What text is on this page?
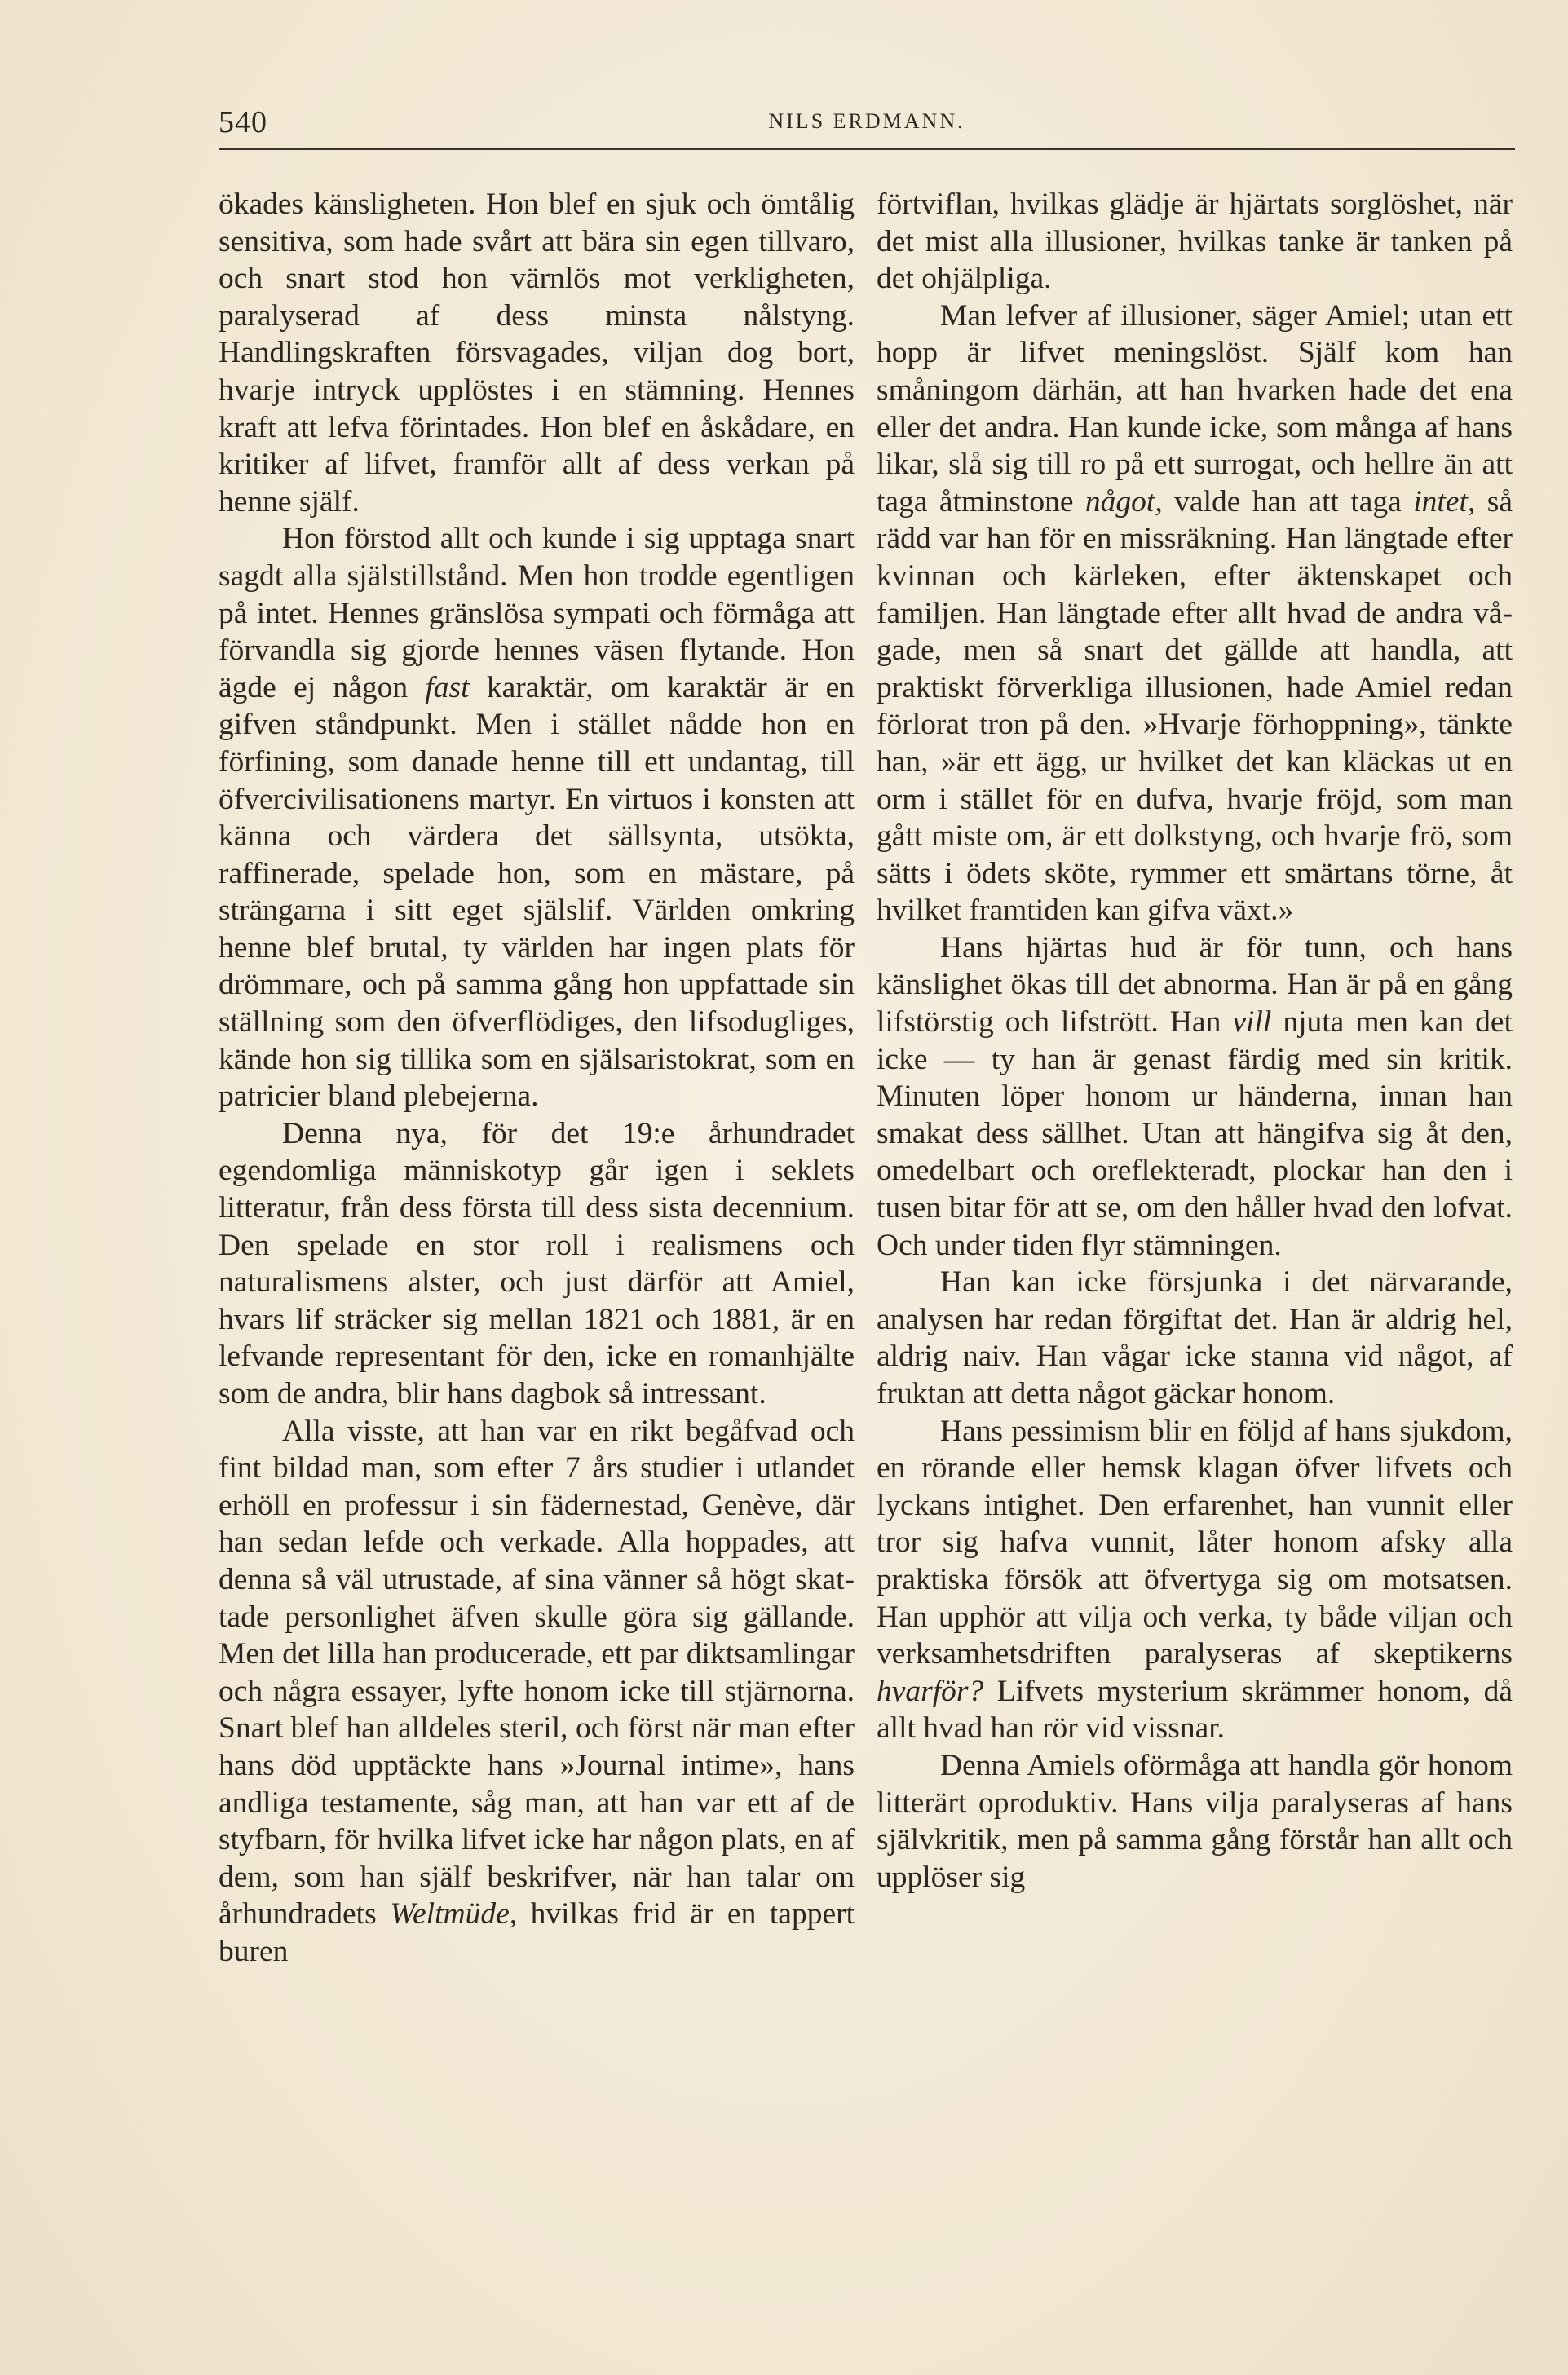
540	NILS ERDMANN.

ökades känsligheten. Hon blef en sjuk och ömtålig sensitiva, som hade svårt att bära sin egen tillvaro, och snart stod hon värnlös mot verkligheten, paralyserad af dess minsta nålstyng. Handlingskraften försvagades, viljan dog bort, hvarje intryck upplöstes i en stämning. Hennes kraft att lefva förintades. Hon blef en åskådare, en kritiker af lifvet, framför allt af dess verkan på henne själf.

Hon förstod allt och kunde i sig upptaga snart sagdt alla själstillstånd. Men hon trodde egentligen på intet. Hennes gränslösa sympati och förmåga att förvandla sig gjorde hennes väsen flytande. Hon ägde ej någon fast karaktär, om karaktär är en gifven ståndpunkt. Men i stället nådde hon en förfining, som danade henne till ett undantag, till öfvercivilisationens martyr. En virtuos i konsten att känna och värdera det sällsynta, utsökta, raffinerade, spelade hon, som en mästare, på strängarna i sitt eget själslif. Världen omkring henne blef brutal, ty världen har ingen plats för drömmare, och på samma gång hon uppfattade sin ställning som den öfverflödiges, den lifsodugliges, kände hon sig tillika som en själsaristokrat, som en patricier bland plebejerna.

Denna nya, för det 19:e århundradet egendomliga människotyp går igen i seklets litteratur, från dess första till dess sista decennium. Den spelade en stor roll i realismens och naturalismens alster, och just därför att Amiel, hvars lif sträcker sig mellan 1821 och 1881, är en lefvande representant för den, icke en romanhjälte som de andra, blir hans dagbok så intressant.

Alla visste, att han var en rikt begåfvad och fint bildad man, som efter 7 års studier i utlandet erhöll en professur i sin fädernestad, Genève, där han sedan lefde och verkade. Alla hoppades, att denna så väl utrustade, af sina vänner så högt skattade personlighet äfven skulle göra sig gällande. Men det lilla han producerade, ett par diktsamlingar och några essayer, lyfte honom icke till stjärnorna. Snart blef han alldeles steril, och först när man efter hans död upptäckte hans »Journal intime», hans andliga testamente, såg man, att han var ett af de styfbarn, för hvilka lifvet icke har någon plats, en af dem, som han själf beskrifver, när han talar om århundradets Weltmüde, hvilkas frid är en tappert buren

förtviflan, hvilkas glädje är hjärtats sorglöshet, när det mist alla illusioner, hvilkas tanke är tanken på det ohjälpliga.

Man lefver af illusioner, säger Amiel; utan ett hopp är lifvet meningslöst. Själf kom han småningom därhän, att han hvarken hade det ena eller det andra. Han kunde icke, som många af hans likar, slå sig till ro på ett surrogat, och hellre än att taga åtminstone något, valde han att taga intet, så rädd var han för en missräkning. Han längtade efter kvinnan och kärleken, efter äktenskapet och familjen. Han längtade efter allt hvad de andra vågade, men så snart det gällde att handla, att praktiskt förverkliga illusionen, hade Amiel redan förlorat tron på den. »Hvarje förhoppning», tänkte han, »är ett ägg, ur hvilket det kan kläckas ut en orm i stället för en dufva, hvarje fröjd, som man gått miste om, är ett dolkstyng, och hvarje frö, som sätts i ödets sköte, rymmer ett smärtans törne, åt hvilket framtiden kan gifva växt.»

Hans hjärtas hud är för tunn, och hans känslighet ökas till det abnorma. Han är på en gång lifstörstig och lifstrött. Han vill njuta men kan det icke — ty han är genast färdig med sin kritik. Minuten löper honom ur händerna, innan han smakat dess sällhet. Utan att hängifva sig åt den, omedelbart och oreflekteradt, plockar han den i tusen bitar för att se, om den håller hvad den lofvat. Och under tiden flyr stämningen.

Han kan icke försjunka i det närvarande, analysen har redan förgiftat det. Han är aldrig hel, aldrig naiv. Han vågar icke stanna vid något, af fruktan att detta något gäckar honom.

Hans pessimism blir en följd af hans sjukdom, en rörande eller hemsk klagan öfver lifvets och lyckans intighet. Den erfarenhet, han vunnit eller tror sig hafva vunnit, låter honom afsky alla praktiska försök att öfvertyga sig om motsatsen. Han upphör att vilja och verka, ty både viljan och verksamhetsdriften paralyseras af skeptikerns hvarför? Lifvets mysterium skrämmer honom, då allt hvad han rör vid vissnar.

Denna Amiels oförmåga att handla gör honom litterärt oproduktiv. Hans vilja paralyseras af hans självkritik, men på samma gång förstår han allt och upplöser sig
